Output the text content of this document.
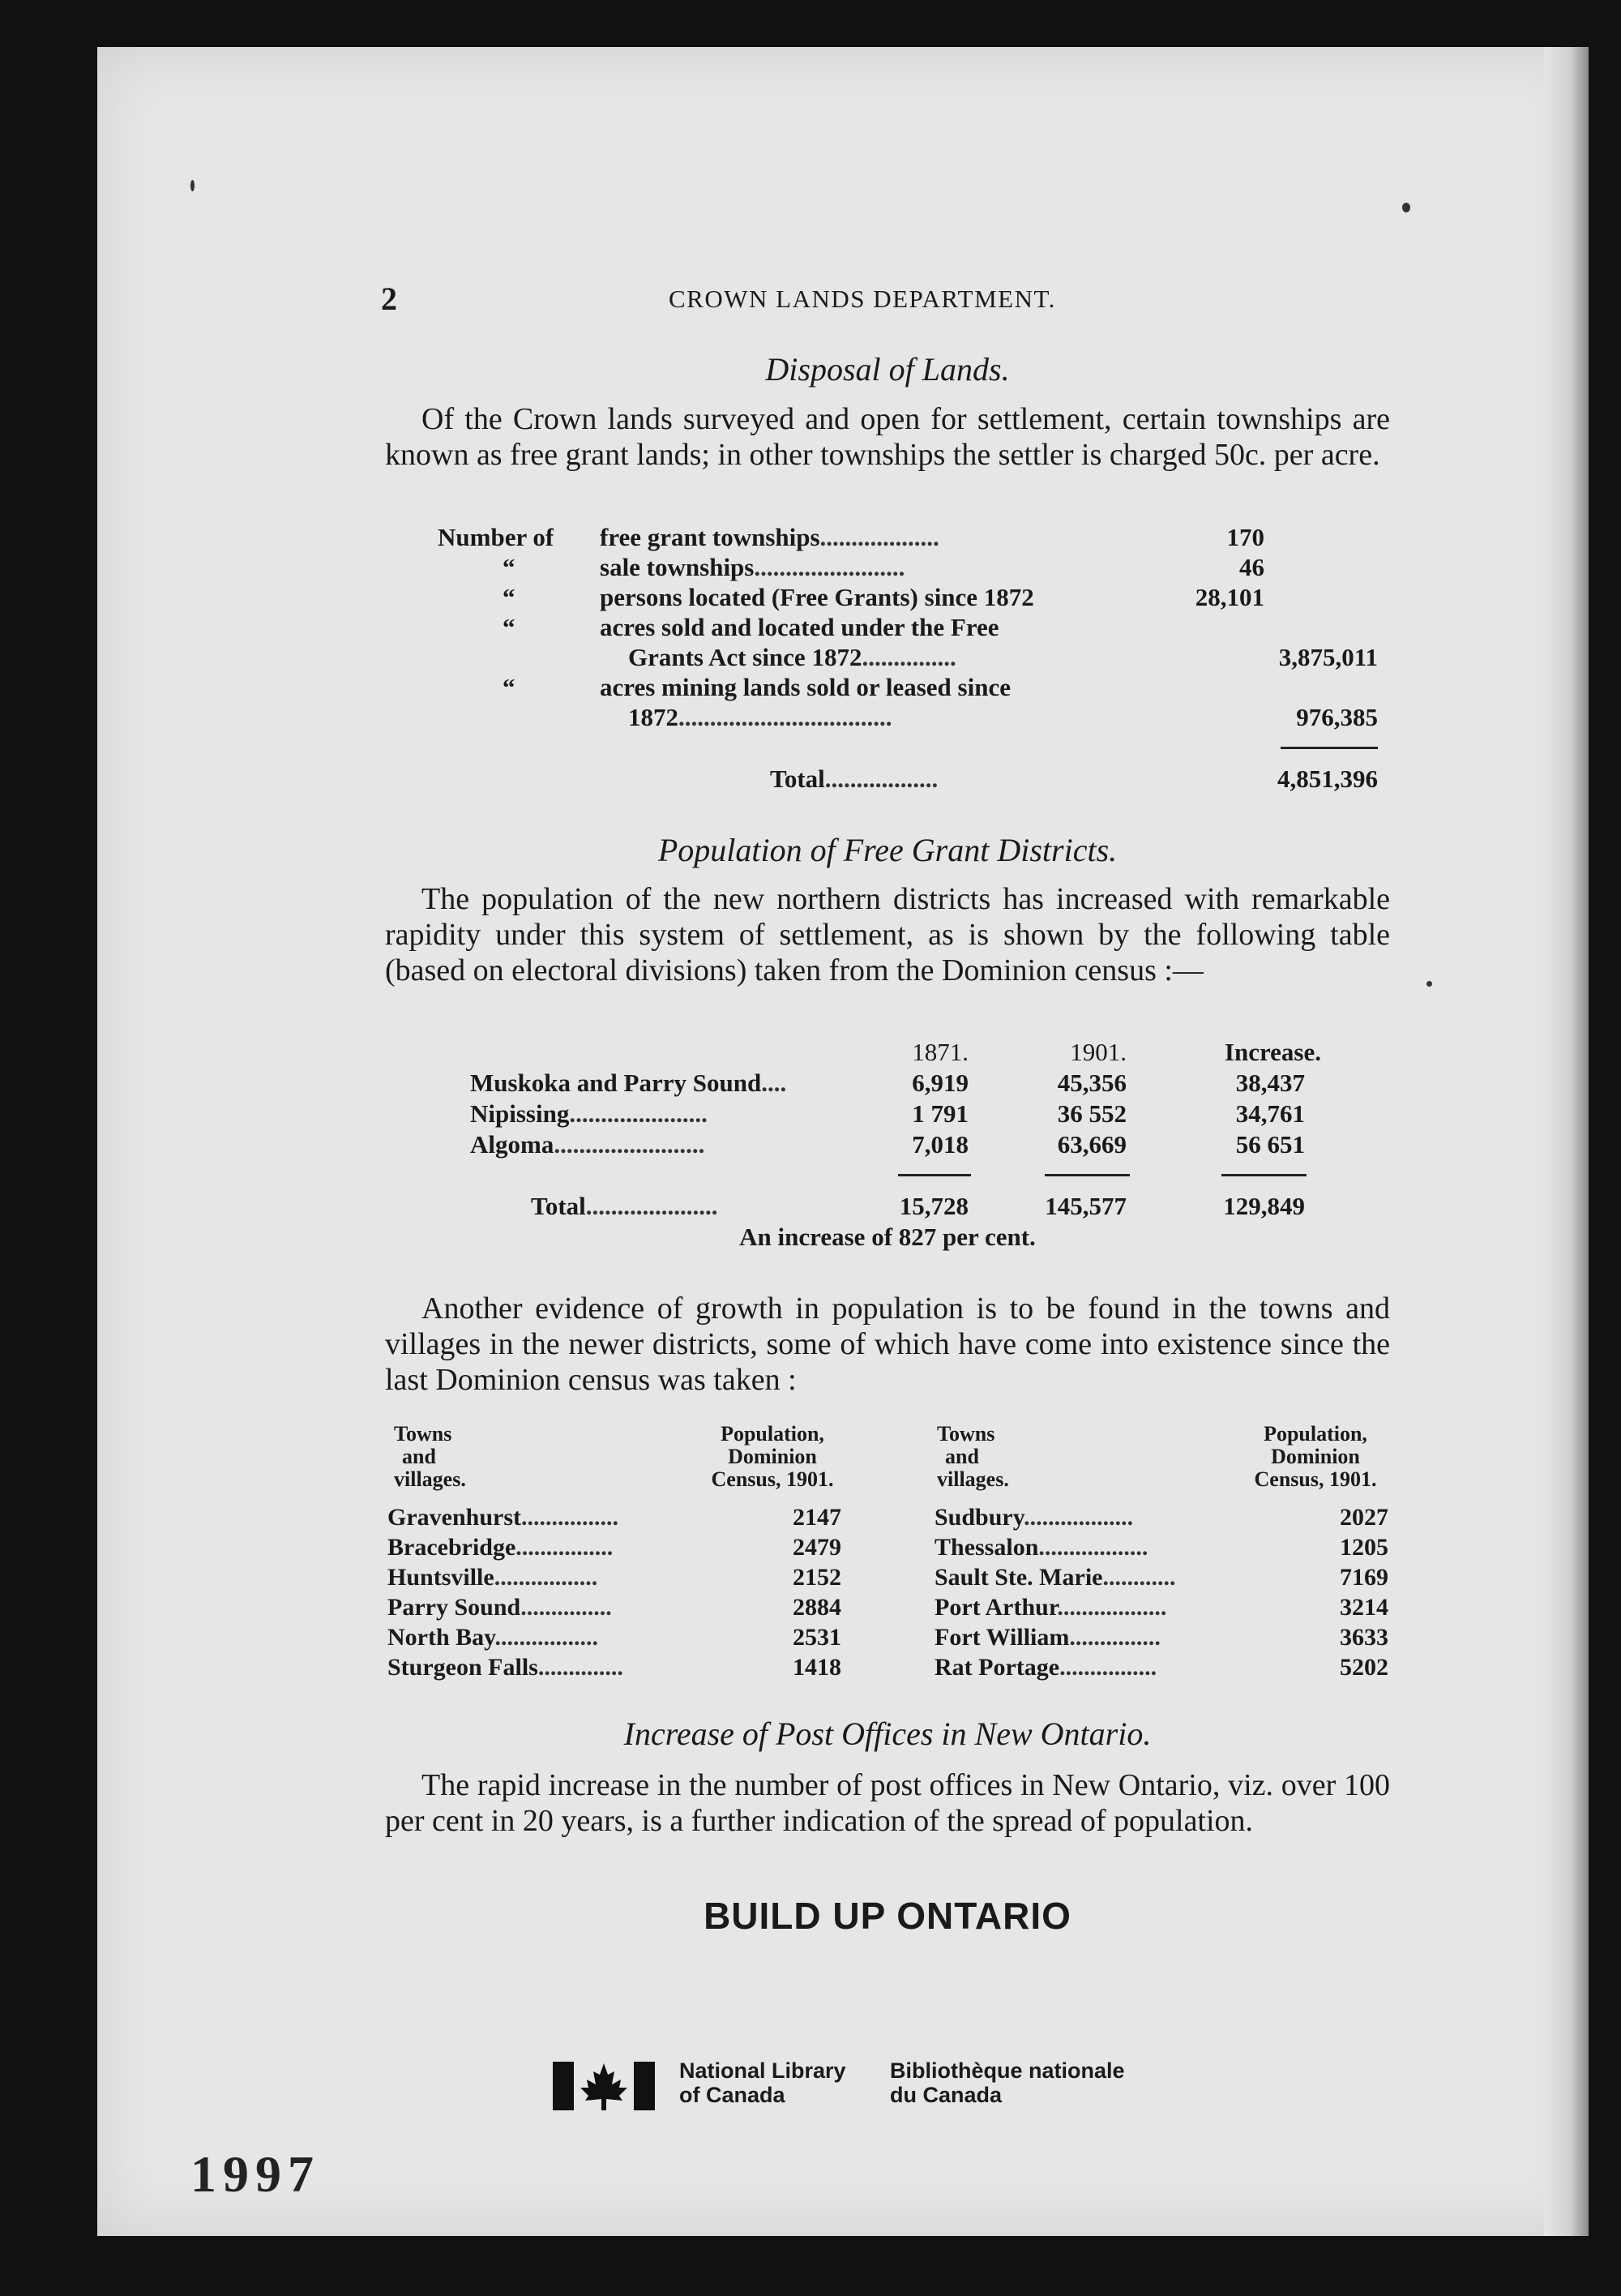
2	CROWN LANDS DEPARTMENT.
Disposal of Lands.

Of the Crown lands surveyed and open for settlement, certain townships are known as free grant lands; in other townships the settler is charged 50c. per acre.

Number of free grant townships...................	170
“	sale townships........................	46
“	persons located (Free Grants) since 1872	28,101
“	acres sold and located under the Free
Grants Act since 1872...............	3,875,011
“	acres mining lands sold or leased since
1872..................................	976,385
Total..................	4,851,396
Population of Free Grant Districts.

The population of the new northern districts has increased with remarkable rapidity under this system of settlement, as is shown by the following table (based on electoral divisions) taken from the Dominion census :—

1871.	1901.	Increase.
Muskoka and Parry Sound....	6,919	45,356	38,437
Nipissing......................	1 791	36 552	34,761
Algoma........................	7,018	63,669	56 651
Total.....................	15,728	145,577	129,849
An increase of 827 per cent.

Another evidence of growth in population is to be found in the towns and villages in the newer districts, some of which have come into existence since the last Dominion census was taken :

Towns
and
villages.
Population,
Dominion
Census, 1901.
Towns
and
villages.
Population,
Dominion
Census, 1901.
Gravenhurst................	2147
Bracebridge................	2479
Huntsville.................	2152
Parry Sound...............	2884
North Bay.................	2531
Sturgeon Falls..............	1418
Sudbury..................	2027
Thessalon..................	1205
Sault Ste. Marie............	7169
Port Arthur..................	3214
Fort William...............	3633
Rat Portage................	5202
Increase of Post Offices in New Ontario.

The rapid increase in the number of post offices in New Ontario, viz. over 100 per cent in 20 years, is a further indication of the spread of population.

BUILD UP ONTARIO
National Library
of Canada
Bibliothèque nationale
du Canada
1997
